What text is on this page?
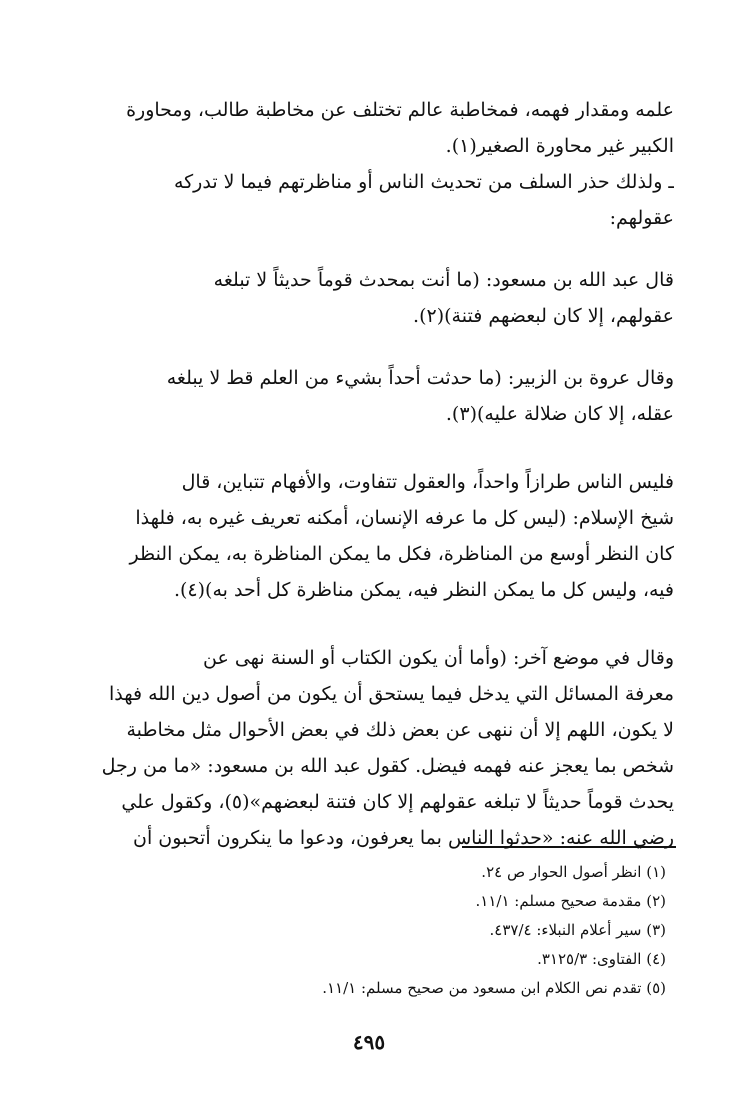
علمه ومقدار فهمه، فمخاطبة عالم تختلف عن مخاطبة طالب، ومحاورة
الكبير غير محاورة الصغير(١).
ـ ولذلك حذر السلف من تحديث الناس أو مناظرتهم فيما لا تدركه
عقولهم:
قال عبد الله بن مسعود: (ما أنت بمحدث قوماً حديثاً لا تبلغه
عقولهم، إلا كان لبعضهم فتنة)(٢).
وقال عروة بن الزبير: (ما حدثت أحداً بشيء من العلم قط لا يبلغه
عقله، إلا كان ضلالة عليه)(٣).
فليس الناس طرازاً واحداً، والعقول تتفاوت، والأفهام تتباين، قال
شيخ الإسلام: (ليس كل ما عرفه الإنسان، أمكنه تعريف غيره به، فلهذا
كان النظر أوسع من المناظرة، فكل ما يمكن المناظرة به، يمكن النظر
فيه، وليس كل ما يمكن النظر فيه، يمكن مناظرة كل أحد به)(٤).
وقال في موضع آخر: (وأما أن يكون الكتاب أو السنة نهى عن
معرفة المسائل التي يدخل فيما يستحق أن يكون من أصول دين الله فهذا
لا يكون، اللهم إلا أن ننهى عن بعض ذلك في بعض الأحوال مثل مخاطبة
شخص بما يعجز عنه فهمه فيضل. كقول عبد الله بن مسعود: «ما من رجل
يحدث قوماً حديثاً لا تبلغه عقولهم إلا كان فتنة لبعضهم»(٥)، وكقول علي
رضي الله عنه: «حدثوا الناس بما يعرفون، ودعوا ما ينكرون أتحبون أن
(١) انظر أصول الحوار ص ٢٤.
(٢) مقدمة صحيح مسلم: ١١/١.
(٣) سير أعلام النبلاء: ٤٣٧/٤.
(٤) الفتاوى: ٣١٢٥/٣.
(٥) تقدم نص الكلام ابن مسعود من صحيح مسلم: ١١/١.
٤٩٥
